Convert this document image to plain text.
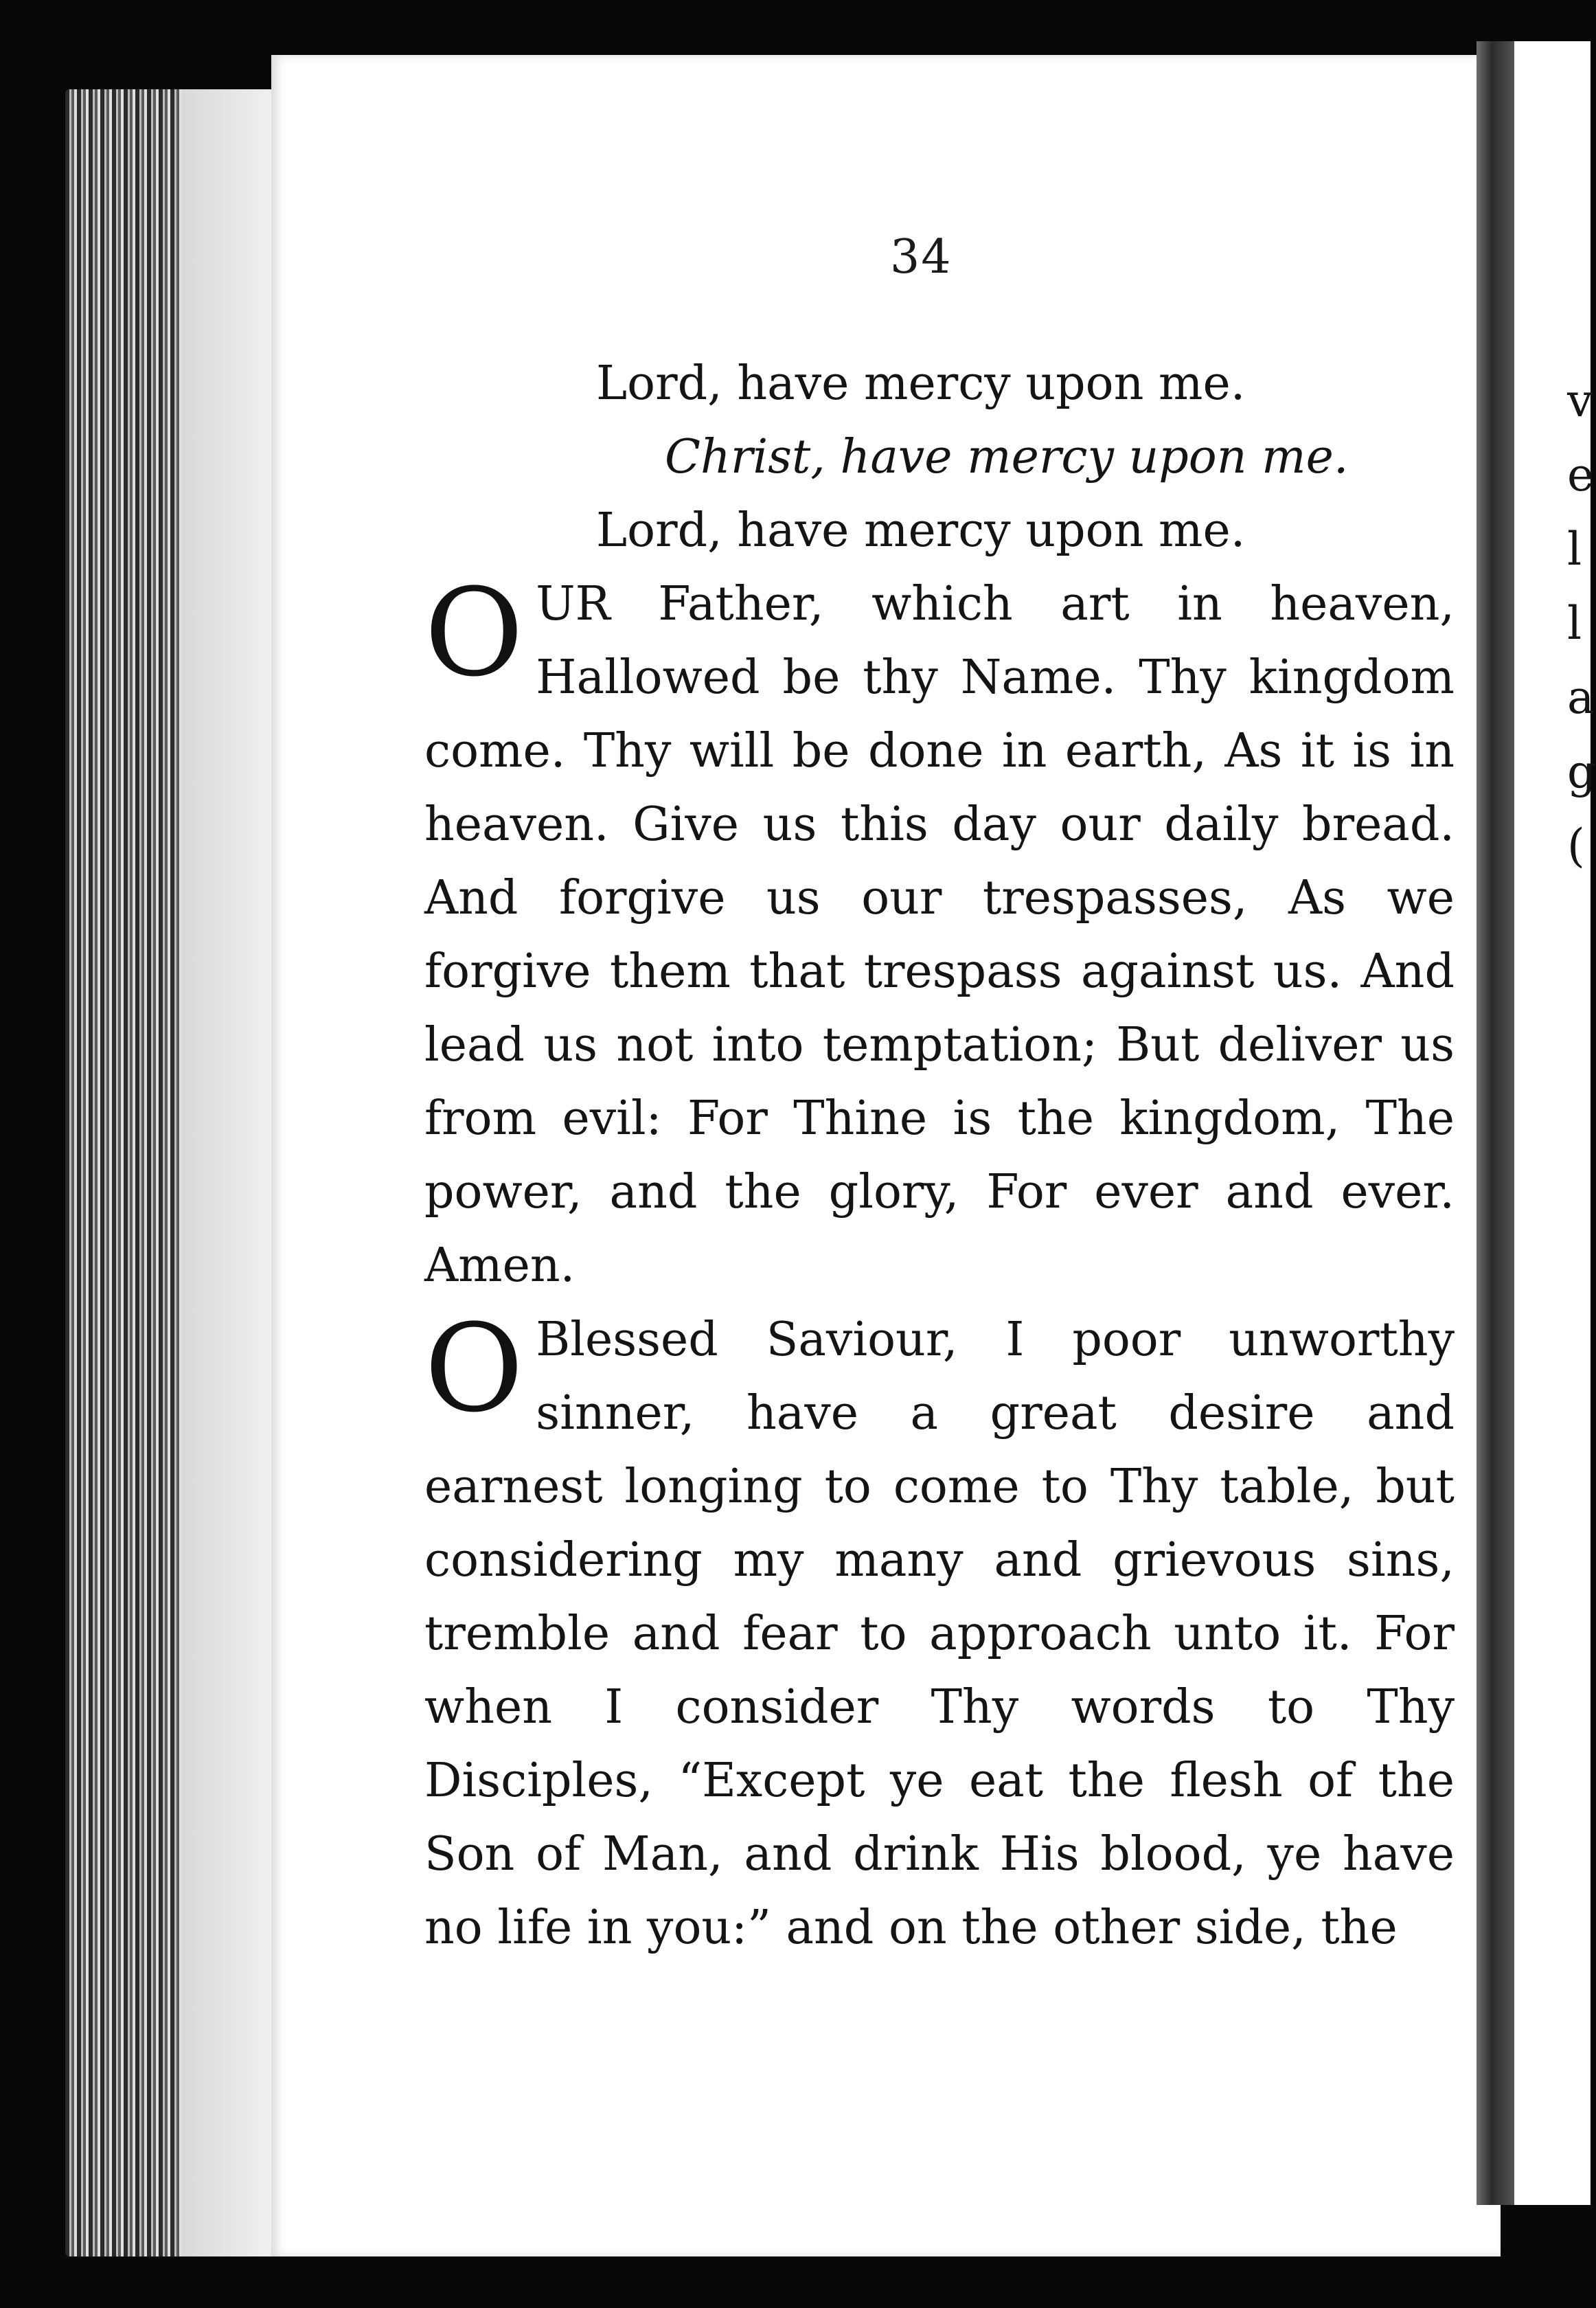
v
e
l
l
a
g
(
34
Lord, have mercy upon me.
Christ, have mercy upon me.
Lord, have mercy upon me.
OUR Father, which art in heaven, Hallowed be thy Name. Thy kingdom come. Thy will be done in earth, As it is in heaven. Give us this day our daily bread. And forgive us our trespasses, As we forgive them that trespass against us. And lead us not into temptation; But deliver us from evil: For Thine is the kingdom, The power, and the glory, For ever and ever. Amen.
O Blessed Saviour, I poor unworthy sinner, have a great desire and earnest longing to come to Thy table, but considering my many and grievous sins, tremble and fear to approach unto it. For when I consider Thy words to Thy Disciples, “Except ye eat the flesh of the Son of Man, and drink His blood, ye have no life in you:” and on the other side, the
